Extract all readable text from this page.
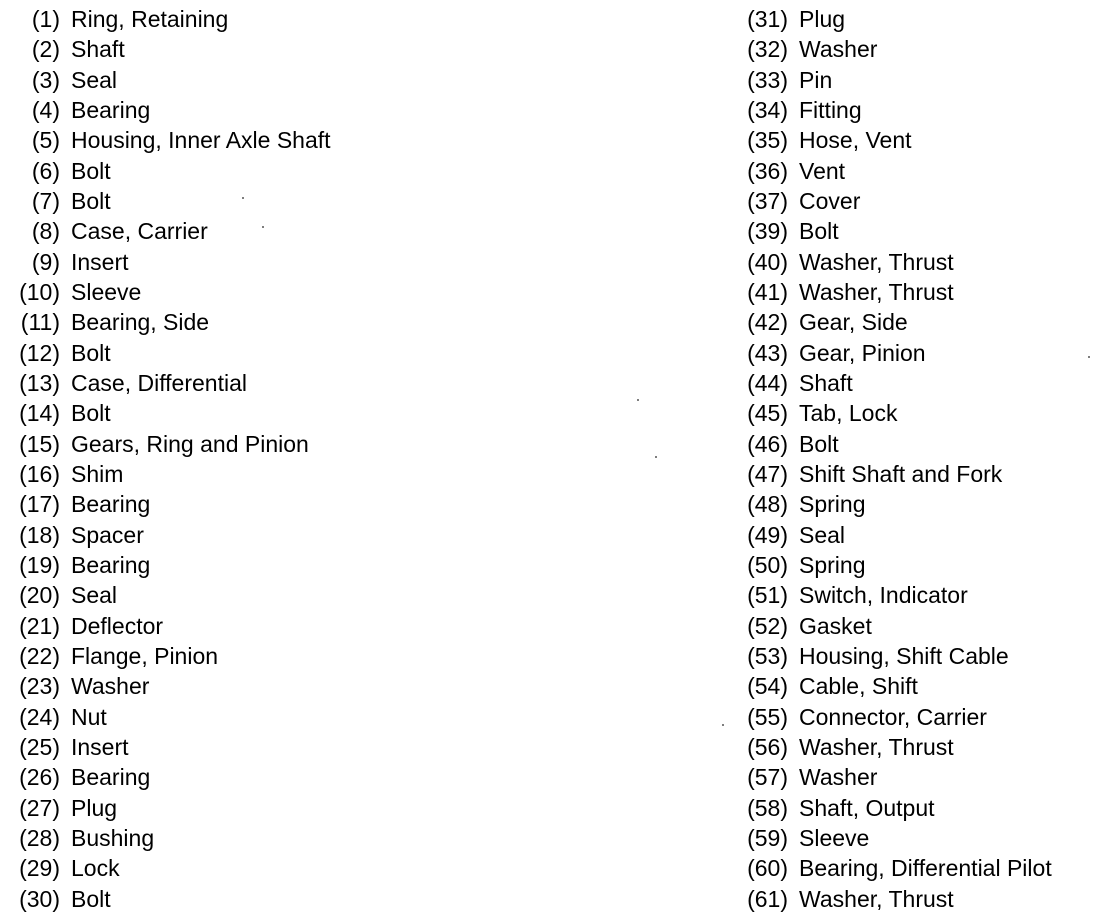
(1) Ring, Retaining
(2) Shaft
(3) Seal
(4) Bearing
(5) Housing, Inner Axle Shaft
(6) Bolt
(7) Bolt
(8) Case, Carrier
(9) Insert
(10) Sleeve
(11) Bearing, Side
(12) Bolt
(13) Case, Differential
(14) Bolt
(15) Gears, Ring and Pinion
(16) Shim
(17) Bearing
(18) Spacer
(19) Bearing
(20) Seal
(21) Deflector
(22) Flange, Pinion
(23) Washer
(24) Nut
(25) Insert
(26) Bearing
(27) Plug
(28) Bushing
(29) Lock
(30) Bolt
(31) Plug
(32) Washer
(33) Pin
(34) Fitting
(35) Hose, Vent
(36) Vent
(37) Cover
(39) Bolt
(40) Washer, Thrust
(41) Washer, Thrust
(42) Gear, Side
(43) Gear, Pinion
(44) Shaft
(45) Tab, Lock
(46) Bolt
(47) Shift Shaft and Fork
(48) Spring
(49) Seal
(50) Spring
(51) Switch, Indicator
(52) Gasket
(53) Housing, Shift Cable
(54) Cable, Shift
(55) Connector, Carrier
(56) Washer, Thrust
(57) Washer
(58) Shaft, Output
(59) Sleeve
(60) Bearing, Differential Pilot
(61) Washer, Thrust
